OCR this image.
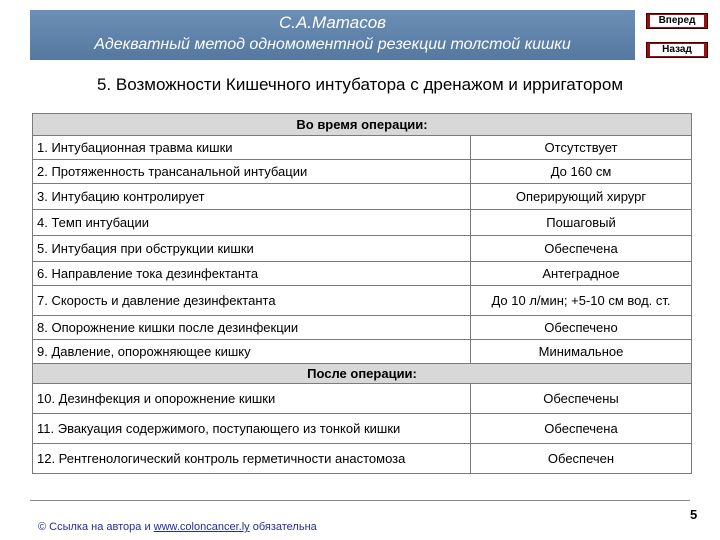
С.А.Матасов
Адекватный метод одномоментной резекции толстой кишки
Вперед
Назад
5. Возможности Кишечного интубатора с дренажом и ирригатором
Во время операции:	
1. Интубационная травма кишки	Отсутствует
2. Протяженность трансанальной интубации	До 160 см
3. Интубацию контролирует	Оперирующий хирург
4. Темп интубации	Пошаговый
5. Интубация при обструкции кишки	Обеспечена
6. Направление тока дезинфектанта	Антеградное
7. Скорость и давление дезинфектанта	До 10 л/мин; +5-10 см вод. ст.
8. Опорожнение кишки после дезинфекции	Обеспечено
9. Давление, опорожняющее кишку	Минимальное
После операции:	
10. Дезинфекция и опорожнение кишки	Обеспечены
11. Эвакуация содержимого, поступающего из тонкой кишки	Обеспечена
12. Рентгенологический контроль герметичности анастомоза	Обеспечен
© Ссылка на автора и www.coloncancer.ly обязательна
5
